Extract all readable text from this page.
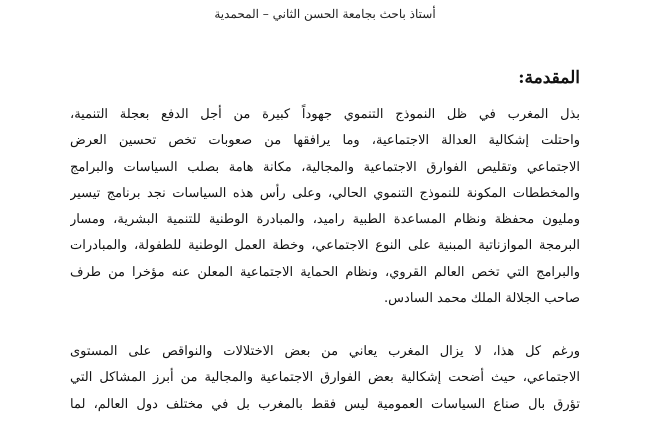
أستاذ باحث بجامعة الحسن الثاني – المحمدية
المقدمة:

بذل المغرب في ظل النموذج التنموي جهوداً كبيرة من أجل الدفع بعجلة التنمية،
واحتلت إشكالية العدالة الاجتماعية، وما يرافقها من صعوبات تخص تحسين العرض
الاجتماعي وتقليص الفوارق الاجتماعية والمجالية، مكانة هامة بصلب السياسات والبرامج
والمخططات المكونة للنموذج التنموي الحالي، وعلى رأس هذه السياسات نجد برنامج تيسير
ومليون محفظة ونظام المساعدة الطبية راميد، والمبادرة الوطنية للتنمية البشرية، ومسار
البرمجة الموازناتية المبنية على النوع الاجتماعي، وخطة العمل الوطنية للطفولة، والمبادرات
والبرامج التي تخص العالم القروي، ونظام الحماية الاجتماعية المعلن عنه مؤخرا من طرف
صاحب الجلالة الملك محمد السادس.

ورغم كل هذا، لا يزال المغرب يعاني من بعض الاختلالات والنواقص على المستوى
الاجتماعي، حيث أضحت إشكالية بعض الفوارق الاجتماعية والمجالية من أبرز المشاكل التي
تؤرق بال صناع السياسات العمومية ليس فقط بالمغرب بل في مختلف دول العالم، لما
